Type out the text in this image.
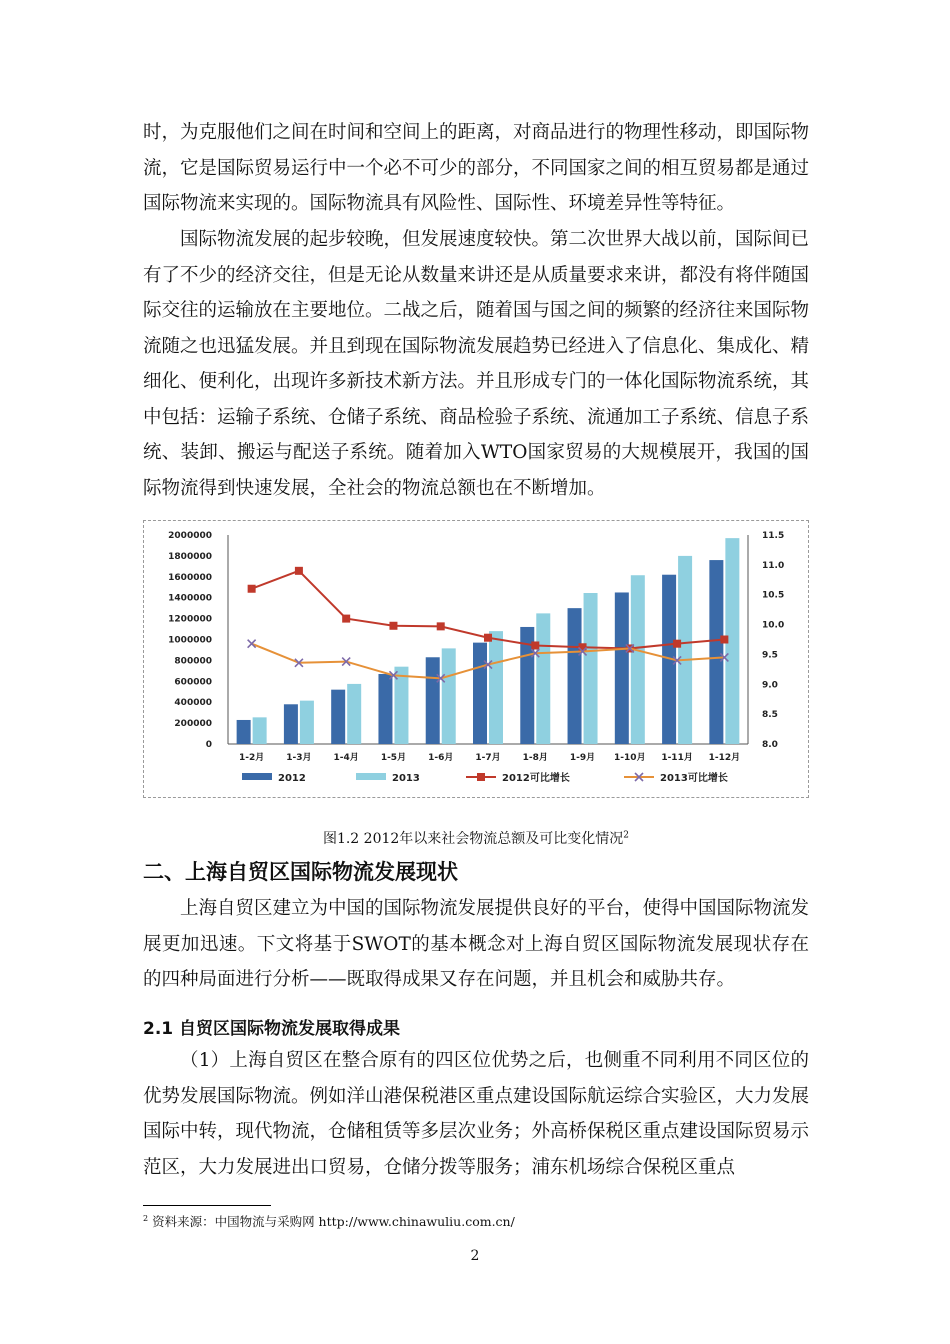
时，为克服他们之间在时间和空间上的距离，对商品进行的物理性移动，即国际物流，它是国际贸易运行中一个必不可少的部分，不同国家之间的相互贸易都是通过国际物流来实现的。国际物流具有风险性、国际性、环境差异性等特征。

国际物流发展的起步较晚，但发展速度较快。第二次世界大战以前，国际间已有了不少的经济交往，但是无论从数量来讲还是从质量要求来讲，都没有将伴随国际交往的运输放在主要地位。二战之后，随着国与国之间的频繁的经济往来国际物流随之也迅猛发展。并且到现在国际物流发展趋势已经进入了信息化、集成化、精细化、便利化，出现许多新技术新方法。并且形成专门的一体化国际物流系统，其中包括：运输子系统、仓储子系统、商品检验子系统、流通加工子系统、信息子系统、装卸、搬运与配送子系统。随着加入WTO国家贸易的大规模展开，我国的国际物流得到快速发展，全社会的物流总额也在不断增加。

0
200000
400000
600000
800000
1000000
1200000
1400000
1600000
1800000
2000000
8.0
8.5
9.0
9.5
10.0
10.5
11.0
11.5
1-2月 1-3月 1-4月 1-5月 1-6月 1-7月 1-8月 1-9月 1-10月 1-11月 1-12月
2012	2013	2012可比增长	2013可比增长

图1.2 2012年以来社会物流总额及可比变化情况$^2$

二、上海自贸区国际物流发展现状

上海自贸区建立为中国的国际物流发展提供良好的平台，使得中国国际物流发展更加迅速。下文将基于SWOT的基本概念对上海自贸区国际物流发展现状存在的四种局面进行分析——既取得成果又存在问题，并且机会和威胁共存。

2.1 自贸区国际物流发展取得成果

（1）上海自贸区在整合原有的四区位优势之后，也侧重不同利用不同区位的优势发展国际物流。例如洋山港保税港区重点建设国际航运综合实验区，大力发展国际中转，现代物流，仓储租赁等多层次业务；外高桥保税区重点建设国际贸易示范区，大力发展进出口贸易，仓储分拨等服务；浦东机场综合保税区重点

$^2$ 资料来源：中国物流与采购网 http://www.chinawuliu.com.cn/

2
